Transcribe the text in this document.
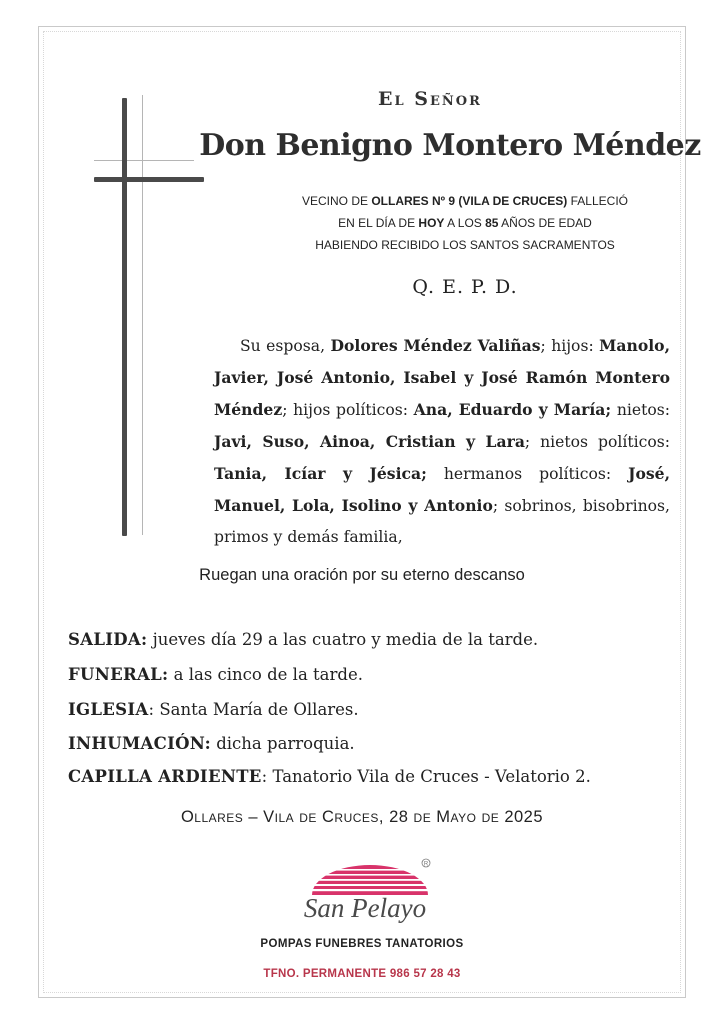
El Señor
Don Benigno Montero Méndez
VECINO DE OLLARES Nº 9 (VILA DE CRUCES) FALLECIÓ
EN EL DÍA DE HOY A LOS 85 AÑOS DE EDAD
HABIENDO RECIBIDO LOS SANTOS SACRAMENTOS
Q. E. P. D.
Su esposa, Dolores Méndez Valiñas; hijos: Manolo, Javier, José Antonio, Isabel y José Ramón Montero Méndez; hijos políticos: Ana, Eduardo y María; nietos: Javi, Suso, Ainoa, Cristian y Lara; nietos políticos: Tania, Icíar y Jésica; hermanos políticos: José, Manuel, Lola, Isolino y Antonio; sobrinos, bisobrinos, primos y demás familia,
Ruegan una oración por su eterno descanso
SALIDA: jueves día 29 a las cuatro y media de la tarde.
FUNERAL: a las cinco de la tarde.
IGLESIA: Santa María de Ollares.
INHUMACIÓN: dicha parroquia.
CAPILLA ARDIENTE: Tanatorio Vila de Cruces - Velatorio 2.
Ollares – Vila de Cruces, 28 de Mayo de 2025
R
San Pelayo
POMPAS FUNEBRES TANATORIOS
TFNO. PERMANENTE 986 57 28 43
